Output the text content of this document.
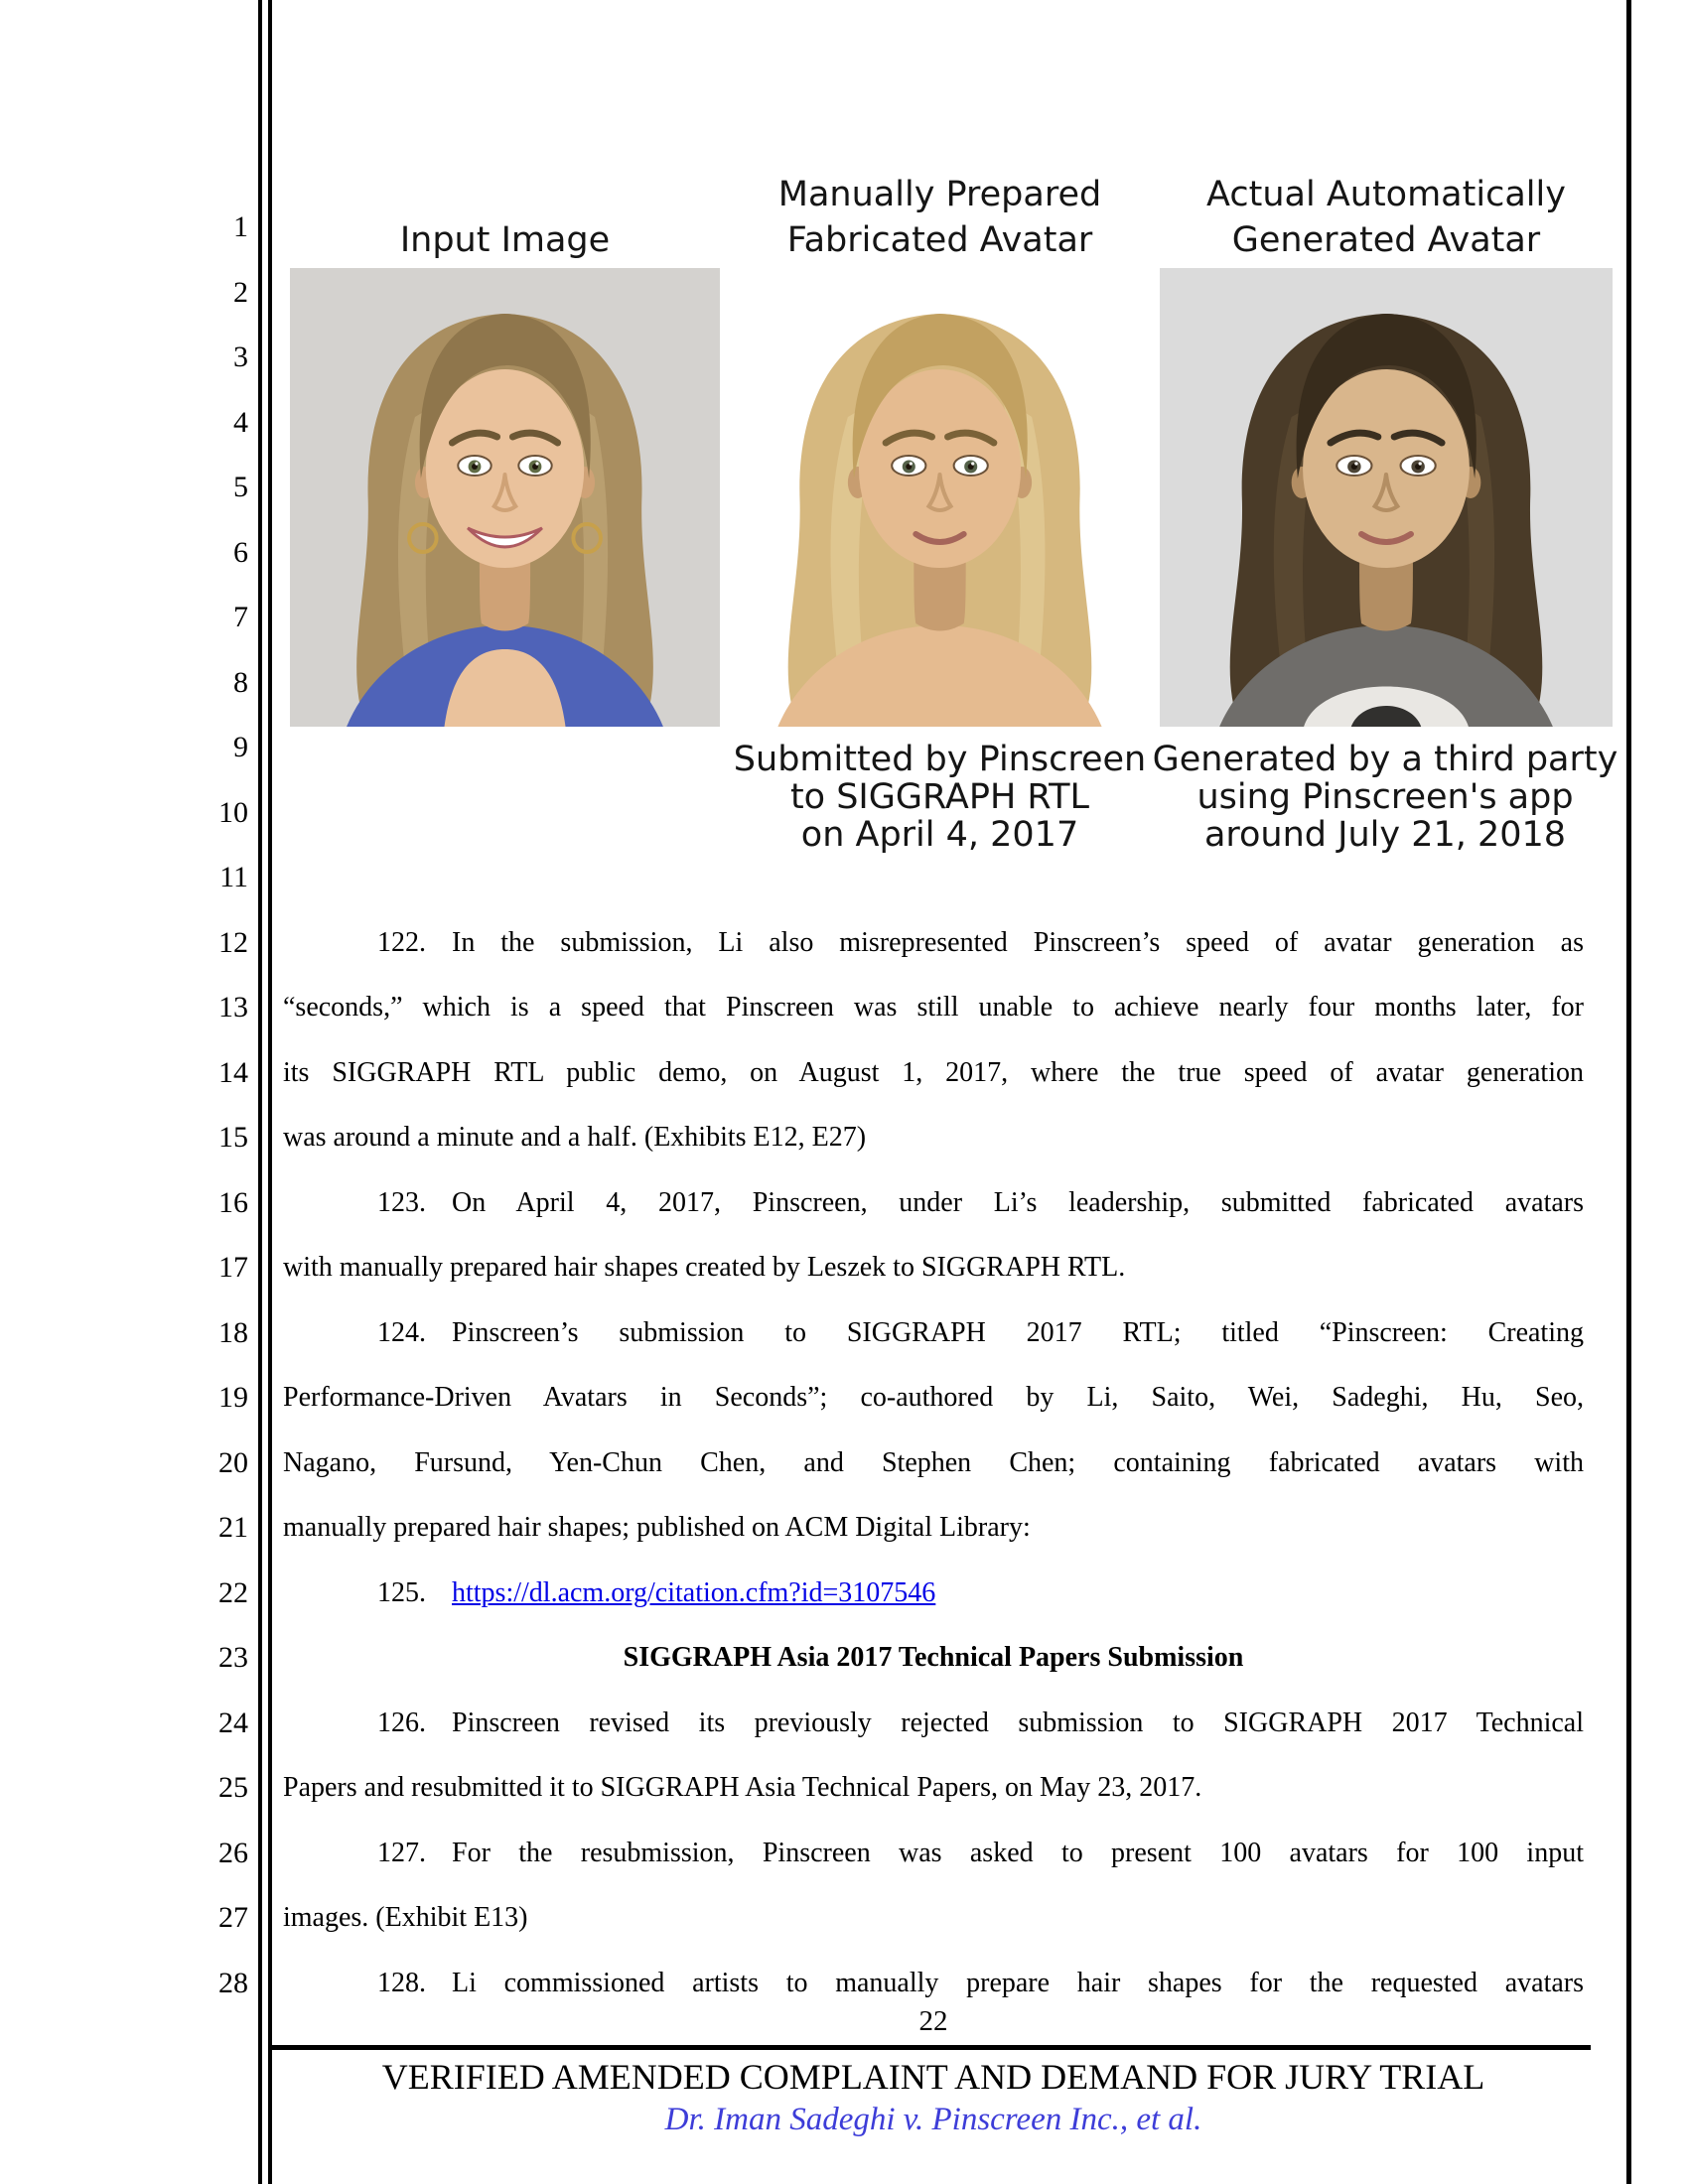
Input Image
Manually Prepared
Fabricated Avatar
Actual Automatically
Generated Avatar
Submitted by Pinscreen
to SIGGRAPH RTL
on April 4, 2017
Generated by a third party
using Pinscreen's app
around July 21, 2018
1
2
3
4
5
6
7
8
9
10
11
12
13
14
15
16
17
18
19
20
21
22
23
24
25
26
27
28
122. In the submission, Li also misrepresented Pinscreen’s speed of avatar generation as
“seconds,” which is a speed that Pinscreen was still unable to achieve nearly four months later, for
its SIGGRAPH RTL public demo, on August 1, 2017, where the true speed of avatar generation
was around a minute and a half. (Exhibits E12, E27)
123. On April 4, 2017, Pinscreen, under Li’s leadership, submitted fabricated avatars
with manually prepared hair shapes created by Leszek to SIGGRAPH RTL.
124. Pinscreen’s submission to SIGGRAPH 2017 RTL; titled “Pinscreen: Creating
Performance-Driven Avatars in Seconds”; co-authored by Li, Saito, Wei, Sadeghi, Hu, Seo,
Nagano, Fursund, Yen-Chun Chen, and Stephen Chen; containing fabricated avatars with
manually prepared hair shapes; published on ACM Digital Library:
125. https://dl.acm.org/citation.cfm?id=3107546
SIGGRAPH Asia 2017 Technical Papers Submission
126. Pinscreen revised its previously rejected submission to SIGGRAPH 2017 Technical
Papers and resubmitted it to SIGGRAPH Asia Technical Papers, on May 23, 2017.
127. For the resubmission, Pinscreen was asked to present 100 avatars for 100 input
images. (Exhibit E13)
128. Li commissioned artists to manually prepare hair shapes for the requested avatars
22
VERIFIED AMENDED COMPLAINT AND DEMAND FOR JURY TRIAL
Dr. Iman Sadeghi v. Pinscreen Inc., et al.
